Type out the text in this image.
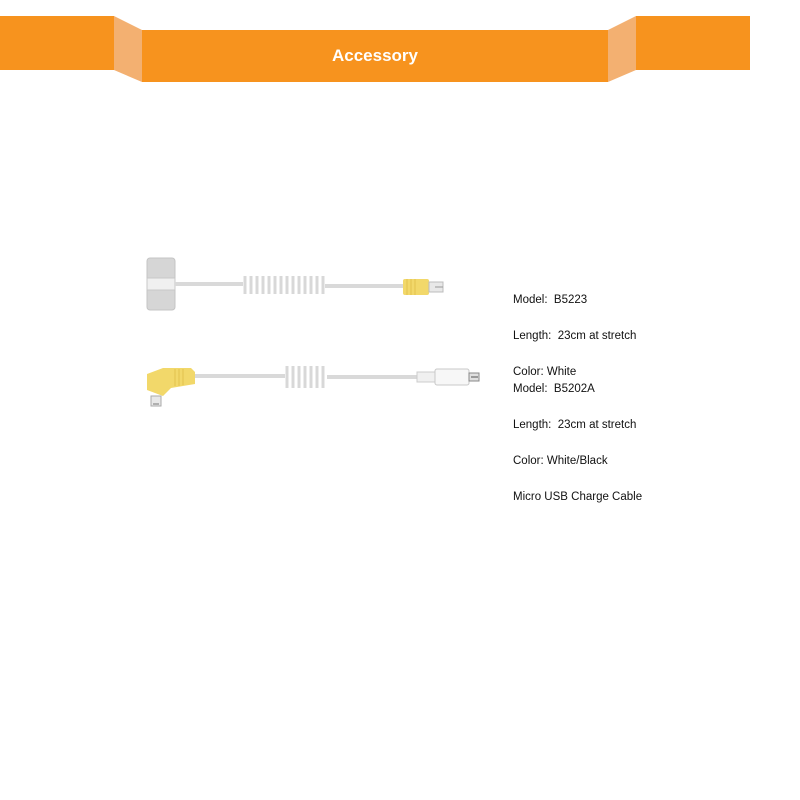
Accessory

Model:  B5223

Length:  23cm at stretch

Color: White

Model:  B5202A

Length:  23cm at stretch

Color: White/Black

Micro USB Charge Cable
